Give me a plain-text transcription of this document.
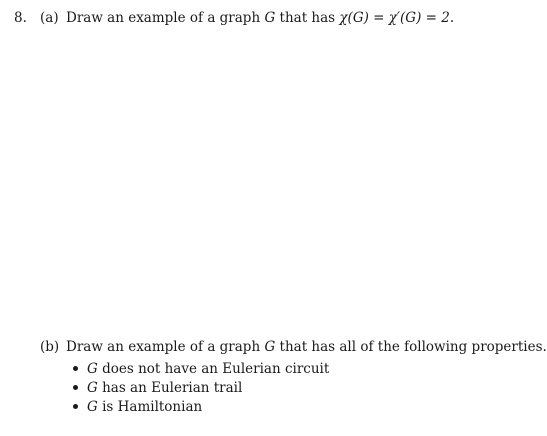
8. (a) Draw an example of a graph G that has χ(G) = χ′(G) = 2.
(b) Draw an example of a graph G that has all of the following properties.
G does not have an Eulerian circuit
G has an Eulerian trail
G is Hamiltonian
